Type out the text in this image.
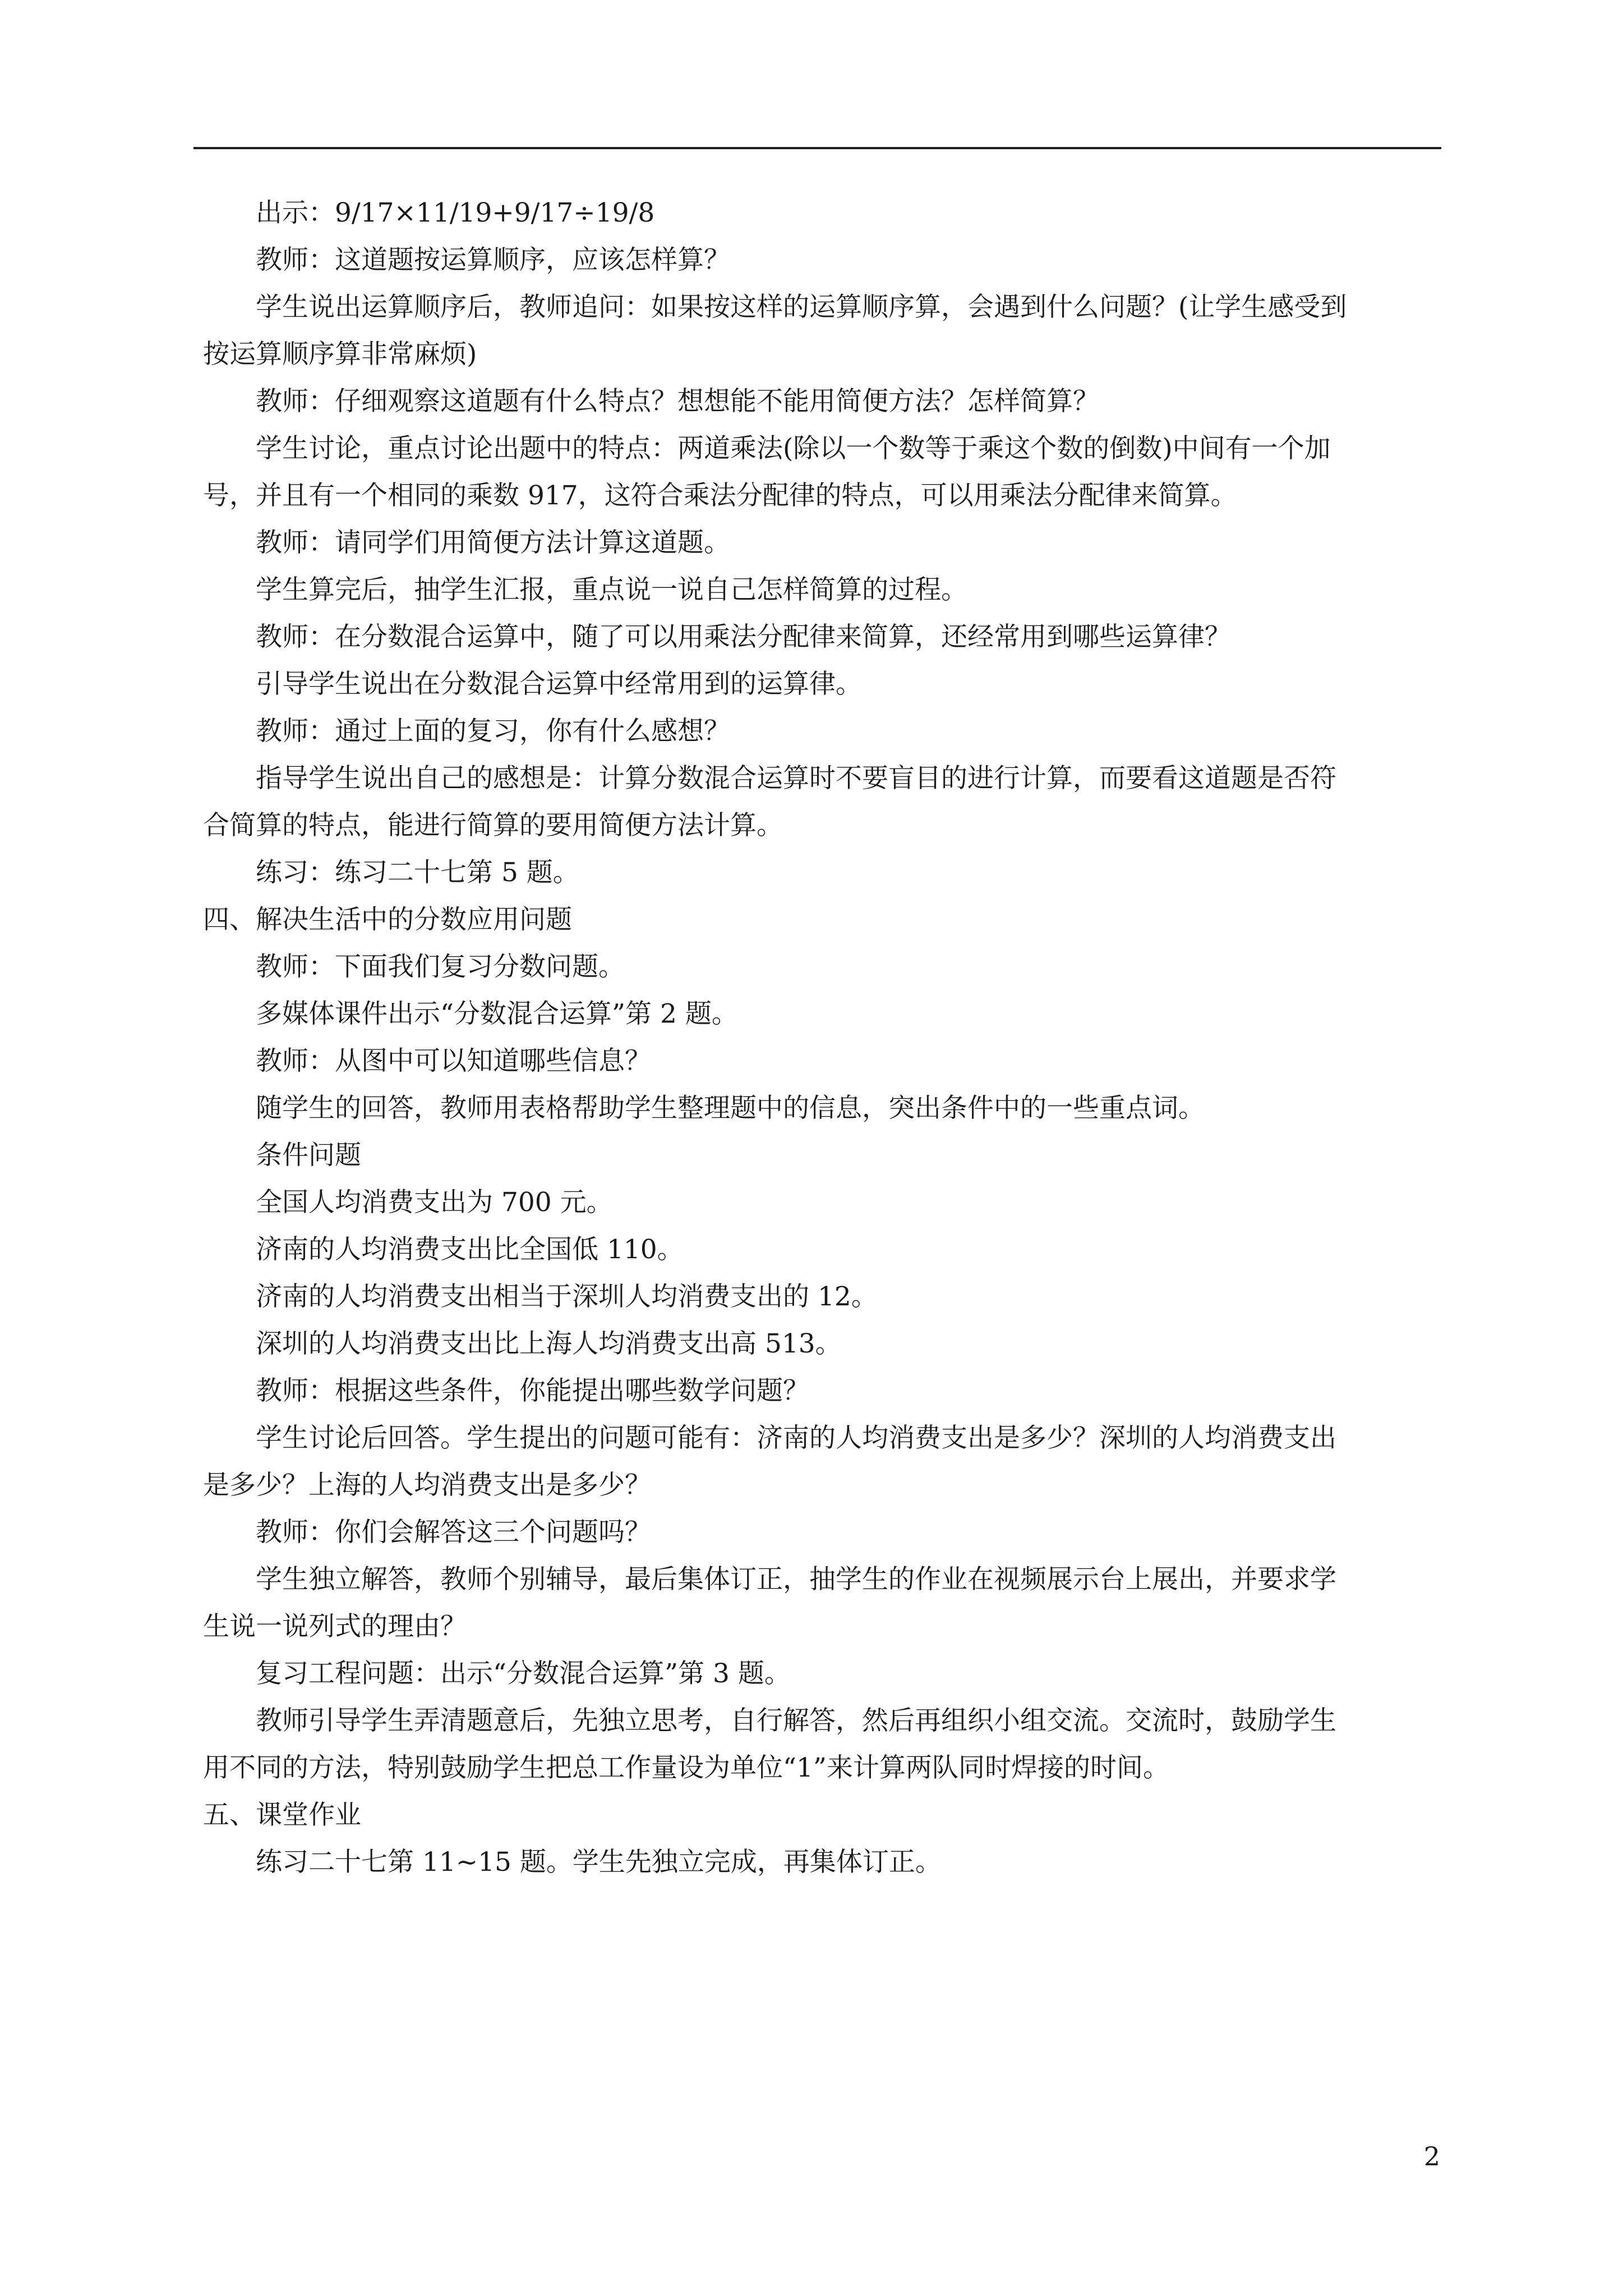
出示：9/17×11/19+9/17÷19/8
教师：这道题按运算顺序，应该怎样算？
学生说出运算顺序后，教师追问：如果按这样的运算顺序算，会遇到什么问题？(让学生感受到
按运算顺序算非常麻烦)
教师：仔细观察这道题有什么特点？想想能不能用简便方法？怎样简算？
学生讨论，重点讨论出题中的特点：两道乘法(除以一个数等于乘这个数的倒数)中间有一个加
号，并且有一个相同的乘数 917，这符合乘法分配律的特点，可以用乘法分配律来简算。
教师：请同学们用简便方法计算这道题。
学生算完后，抽学生汇报，重点说一说自己怎样简算的过程。
教师：在分数混合运算中，随了可以用乘法分配律来简算，还经常用到哪些运算律？
引导学生说出在分数混合运算中经常用到的运算律。
教师：通过上面的复习，你有什么感想？
指导学生说出自己的感想是：计算分数混合运算时不要盲目的进行计算，而要看这道题是否符
合简算的特点，能进行简算的要用简便方法计算。
练习：练习二十七第 5 题。
四、解决生活中的分数应用问题
教师：下面我们复习分数问题。
多媒体课件出示“分数混合运算”第 2 题。
教师：从图中可以知道哪些信息？
随学生的回答，教师用表格帮助学生整理题中的信息，突出条件中的一些重点词。
条件问题
全国人均消费支出为 700 元。
济南的人均消费支出比全国低 110。
济南的人均消费支出相当于深圳人均消费支出的 12。
深圳的人均消费支出比上海人均消费支出高 513。
教师：根据这些条件，你能提出哪些数学问题？
学生讨论后回答。学生提出的问题可能有：济南的人均消费支出是多少？深圳的人均消费支出
是多少？上海的人均消费支出是多少？
教师：你们会解答这三个问题吗？
学生独立解答，教师个别辅导，最后集体订正，抽学生的作业在视频展示台上展出，并要求学
生说一说列式的理由？
复习工程问题：出示“分数混合运算”第 3 题。
教师引导学生弄清题意后，先独立思考，自行解答，然后再组织小组交流。交流时，鼓励学生
用不同的方法，特别鼓励学生把总工作量设为单位“1”来计算两队同时焊接的时间。
五、课堂作业
练习二十七第 11~15 题。学生先独立完成，再集体订正。
2
